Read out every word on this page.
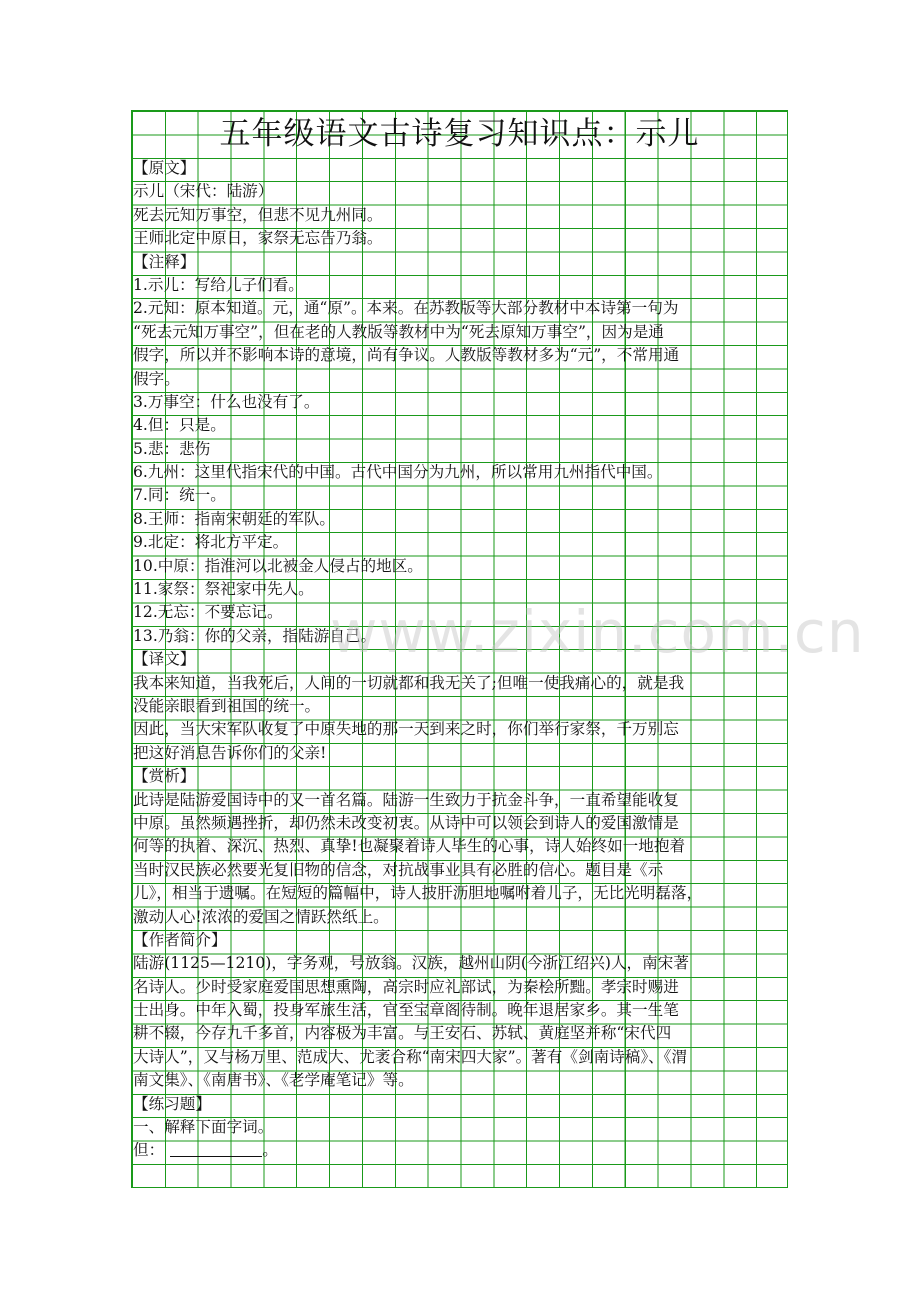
五年级语文古诗复习知识点：示儿
【原文】
示儿（宋代：陆游）
死去元知万事空，但悲不见九州同。
王师北定中原日，家祭无忘告乃翁。
【注释】
1.示儿：写给儿子们看。
2.元知：原本知道。元，通“原”。本来。在苏教版等大部分教材中本诗第一句为
“死去元知万事空”，但在老的人教版等教材中为“死去原知万事空”，因为是通
假字，所以并不影响本诗的意境，尚有争议。人教版等教材多为“元”，不常用通
假字。
3.万事空：什么也没有了。
4.但：只是。
5.悲：悲伤
6.九州：这里代指宋代的中国。古代中国分为九州，所以常用九州指代中国。
7.同：统一。
8.王师：指南宋朝廷的军队。
9.北定：将北方平定。
10.中原：指淮河以北被金人侵占的地区。
11.家祭：祭祀家中先人。
12.无忘：不要忘记。
13.乃翁：你的父亲，指陆游自己。
【译文】
我本来知道，当我死后，人间的一切就都和我无关了;但唯一使我痛心的，就是我
没能亲眼看到祖国的统一。
因此，当大宋军队收复了中原失地的那一天到来之时，你们举行家祭，千万别忘
把这好消息告诉你们的父亲!
【赏析】
此诗是陆游爱国诗中的又一首名篇。陆游一生致力于抗金斗争，一直希望能收复
中原。虽然频遇挫折，却仍然未改变初衷。从诗中可以领会到诗人的爱国激情是
何等的执着、深沉、热烈、真挚!也凝聚着诗人毕生的心事，诗人始终如一地抱着
当时汉民族必然要光复旧物的信念，对抗战事业具有必胜的信心。题目是《示
儿》，相当于遗嘱。在短短的篇幅中，诗人披肝沥胆地嘱咐着儿子，无比光明磊落，
激动人心!浓浓的爱国之情跃然纸上。
【作者简介】
陆游(1125—1210)，字务观，号放翁。汉族，越州山阴(今浙江绍兴)人，南宋著
名诗人。少时受家庭爱国思想熏陶，高宗时应礼部试，为秦桧所黜。孝宗时赐进
士出身。中年入蜀，投身军旅生活，官至宝章阁待制。晚年退居家乡。其一生笔
耕不辍，今存九千多首，内容极为丰富。与王安石、苏轼、黄庭坚并称“宋代四
大诗人”，又与杨万里、范成大、尤袤合称“南宋四大家”。著有《剑南诗稿》、《渭
南文集》、《南唐书》、《老学庵笔记》等。
【练习题】
一、解释下面字词。
但：	。
www.zixin.com.cn
